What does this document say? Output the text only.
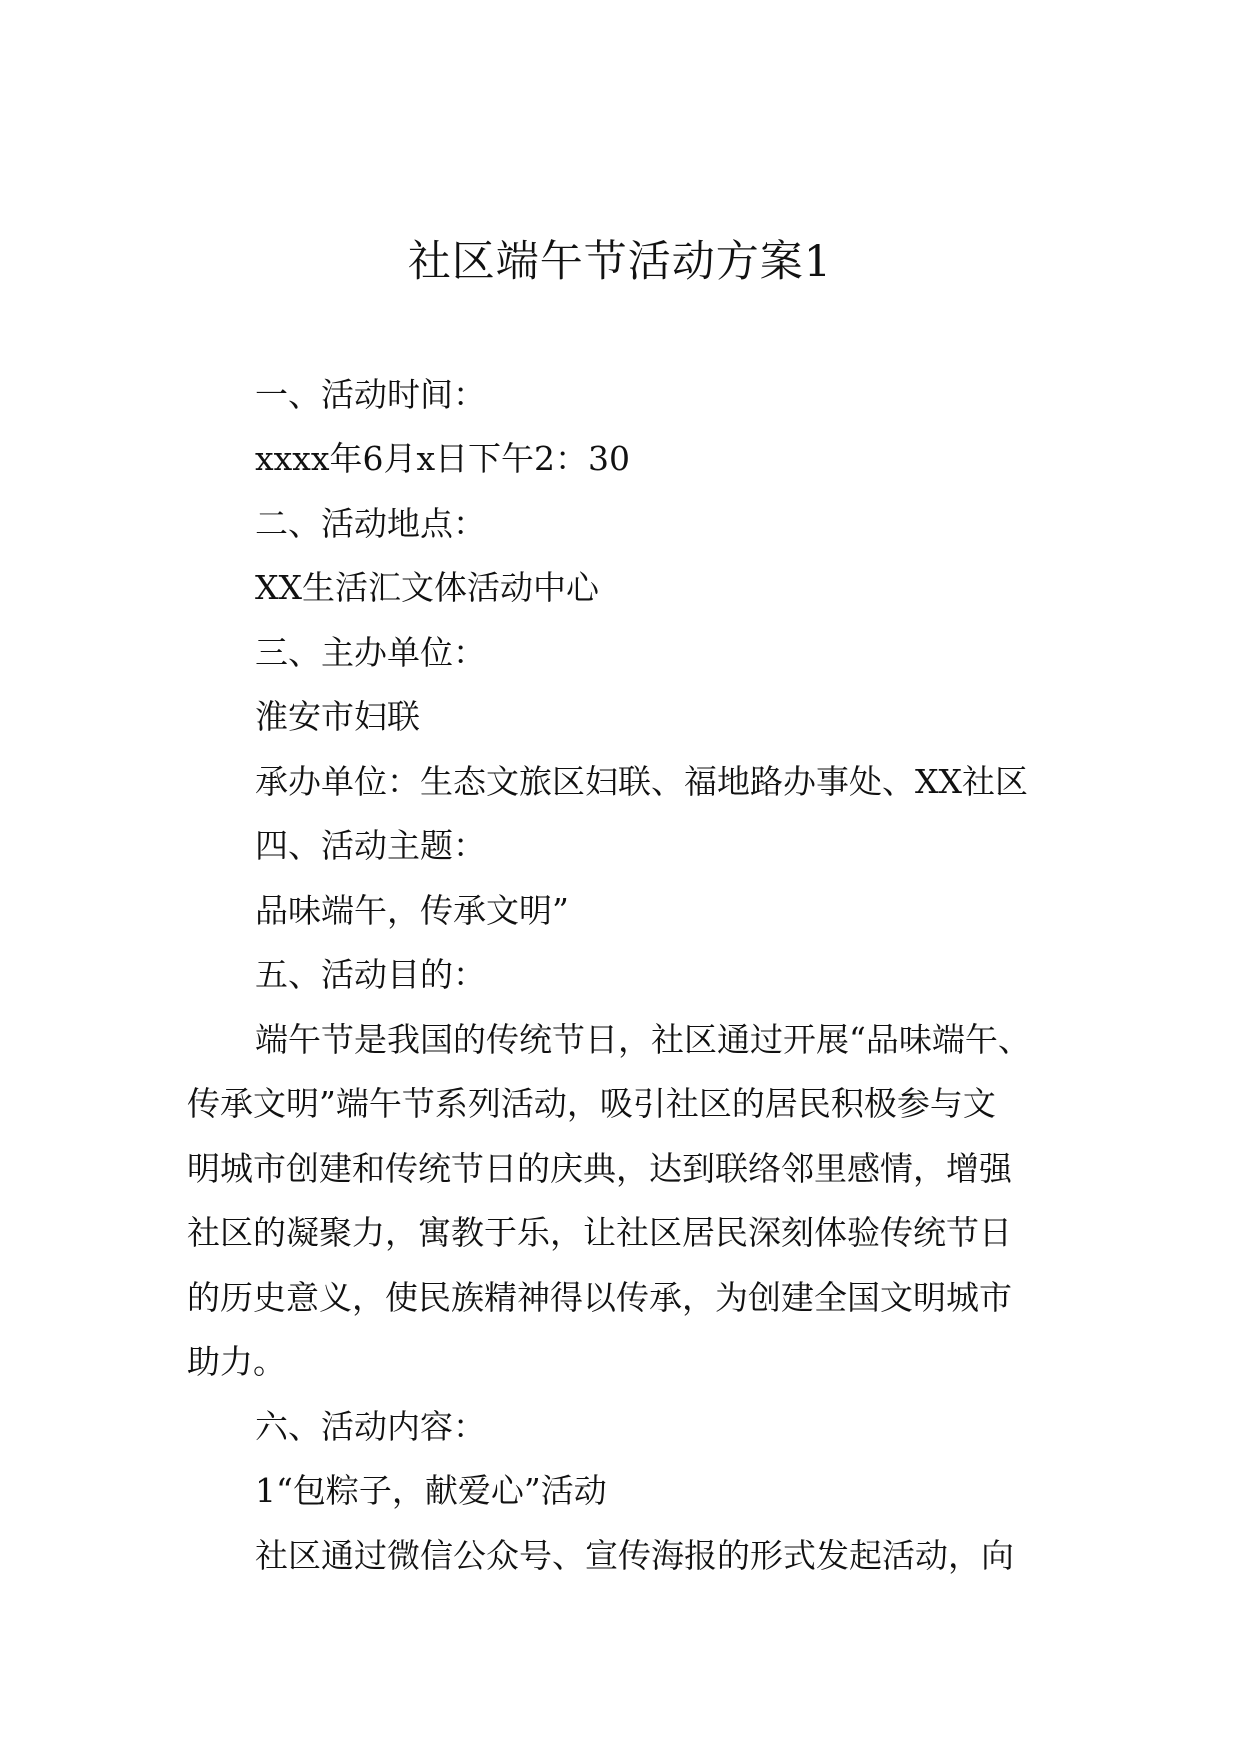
社区端午节活动方案1
一、活动时间：
xxxx年6月x日下午2：30
二、活动地点：
XX生活汇文体活动中心
三、主办单位：
淮安市妇联
承办单位：生态文旅区妇联、福地路办事处、XX社区
四、活动主题：
品味端午，传承文明”
五、活动目的：
端午节是我国的传统节日，社区通过开展“品味端午、
传承文明”端午节系列活动，吸引社区的居民积极参与文
明城市创建和传统节日的庆典，达到联络邻里感情，增强
社区的凝聚力，寓教于乐，让社区居民深刻体验传统节日
的历史意义，使民族精神得以传承，为创建全国文明城市
助力。
六、活动内容：
1“包粽子，献爱心”活动
社区通过微信公众号、宣传海报的形式发起活动，向
